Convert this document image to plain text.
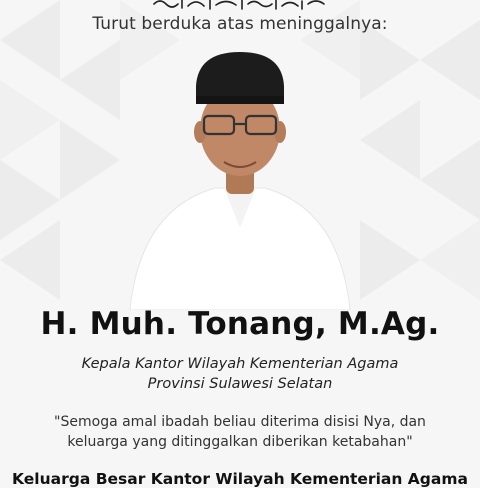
Turut berduka atas meninggalnya:
H. Muh. Tonang, M.Ag.
Kepala Kantor Wilayah Kementerian Agama
Provinsi Sulawesi Selatan
"Semoga amal ibadah beliau diterima disisi Nya, dan
keluarga yang ditinggalkan diberikan ketabahan"
Keluarga Besar Kantor Wilayah Kementerian Agama
